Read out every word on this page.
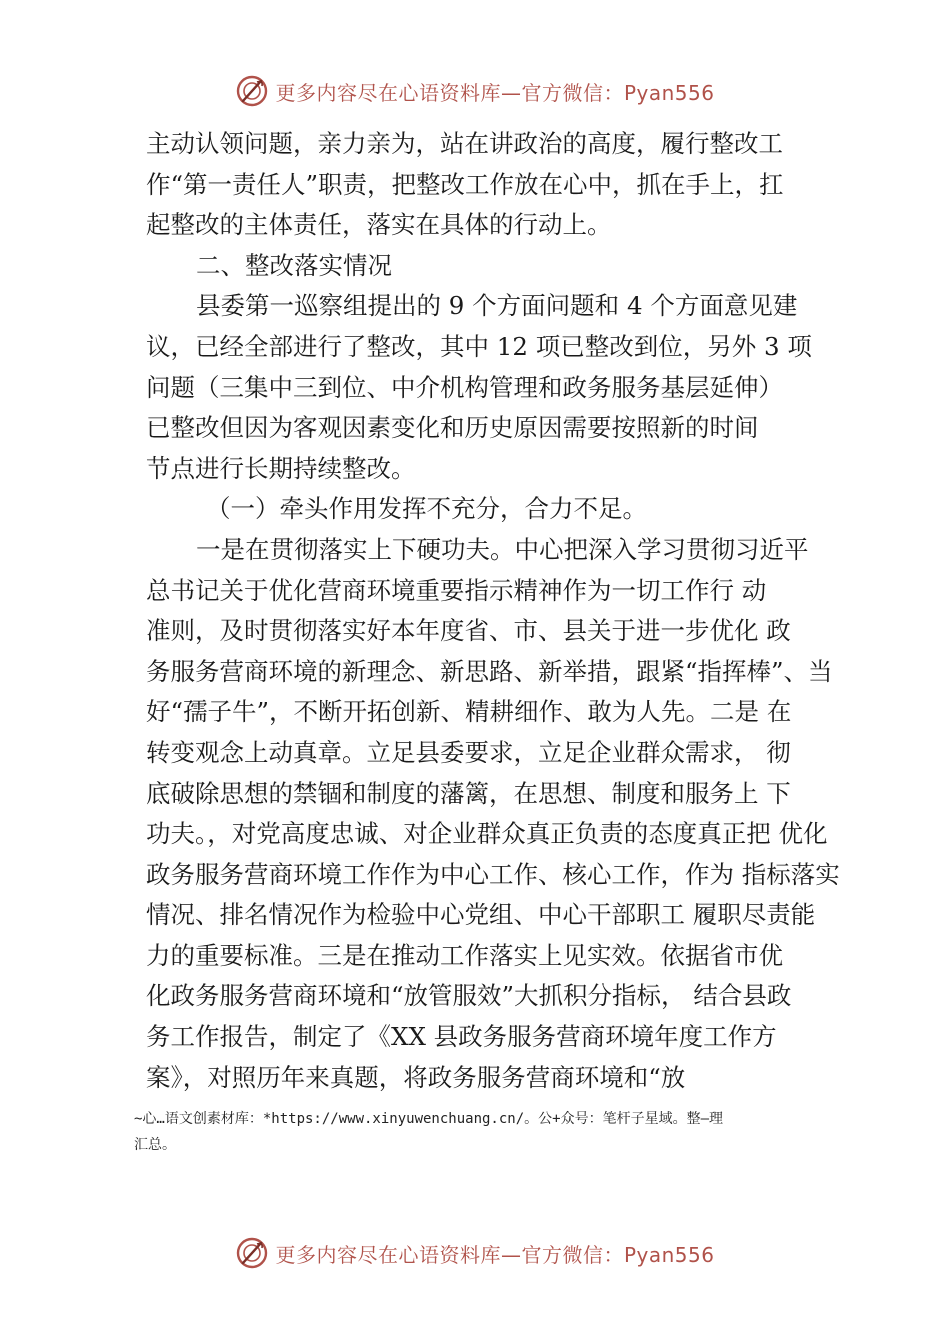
更多内容尽在心语资料库—官方微信：Pyan556

主动认领问题，亲力亲为，站在讲政治的高度，履行整改工

作“第一责任人”职责，把整改工作放在心中，抓在手上，扛

起整改的主体责任，落实在具体的行动上。

二、整改落实情况

县委第一巡察组提出的 9 个方面问题和 4 个方面意见建

议，已经全部进行了整改，其中 12 项已整改到位，另外 3 项

问题（三集中三到位、中介机构管理和政务服务基层延伸）

已整改但因为客观因素变化和历史原因需要按照新的时间

节点进行长期持续整改。

（一）牵头作用发挥不充分，合力不足。

一是在贯彻落实上下硬功夫。中心把深入学习贯彻习近平

总书记关于优化营商环境重要指示精神作为一切工作行 动

准则，及时贯彻落实好本年度省、市、县关于进一步优化 政

务服务营商环境的新理念、新思路、新举措，跟紧“指挥棒”、当

好“孺子牛”，不断开拓创新、精耕细作、敢为人先。二是 在

转变观念上动真章。立足县委要求，立足企业群众需求， 彻

底破除思想的禁锢和制度的藩篱，在思想、制度和服务上 下

功夫。，对党高度忠诚、对企业群众真正负责的态度真正把 优化

政务服务营商环境工作作为中心工作、核心工作，作为 指标落实

情况、排名情况作为检验中心党组、中心干部职工 履职尽责能

力的重要标准。三是在推动工作落实上见实效。依据省市优

化政务服务营商环境和“放管服效”大抓积分指标， 结合县政

务工作报告，制定了《XX 县政务服务营商环境年度工作方

案》，对照历年来真题，将政务服务营商环境和“放

~心…语文创素材库：*https://www.xinyuwenchuang.cn/。公+众号：笔杆子星域。整—理

汇总。

更多内容尽在心语资料库—官方微信：Pyan556
